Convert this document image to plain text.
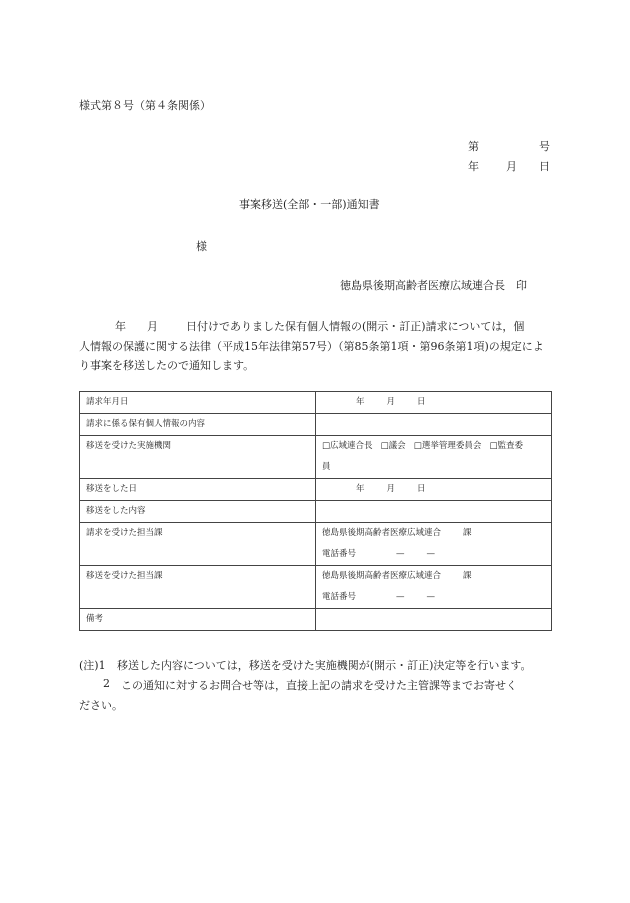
様式第８号（第４条関係）
第	号
年 月 日
事案移送(全部・一部)通知書
様
徳島県後期高齢者医療広域連合長　印
年 月	日付けでありました保有個人情報の(開示・訂正)請求については，個
人情報の保護に関する法律（平成15年法律第57号）（第85条第1項・第96条第1項)の規定によ
り事案を移送したので通知します。
請求年月日	年 月 日
請求に係る保有個人情報の内容	
移送を受けた実施機関	□広域連合長 □議会 □選挙管理委員会 □監査委
員
移送をした日	年 月 日
移送をした内容	
請求を受けた担当課	徳島県後期高齢者医療広域連合 課
電話番号 — —
移送を受けた担当課	徳島県後期高齢者医療広域連合 課
電話番号 — —
備考	
(注)1 移送した内容については，移送を受けた実施機関が(開示・訂正)決定等を行います。
2 この通知に対するお問合せ等は，直接上記の請求を受けた主管課等までお寄せく
ださい。
